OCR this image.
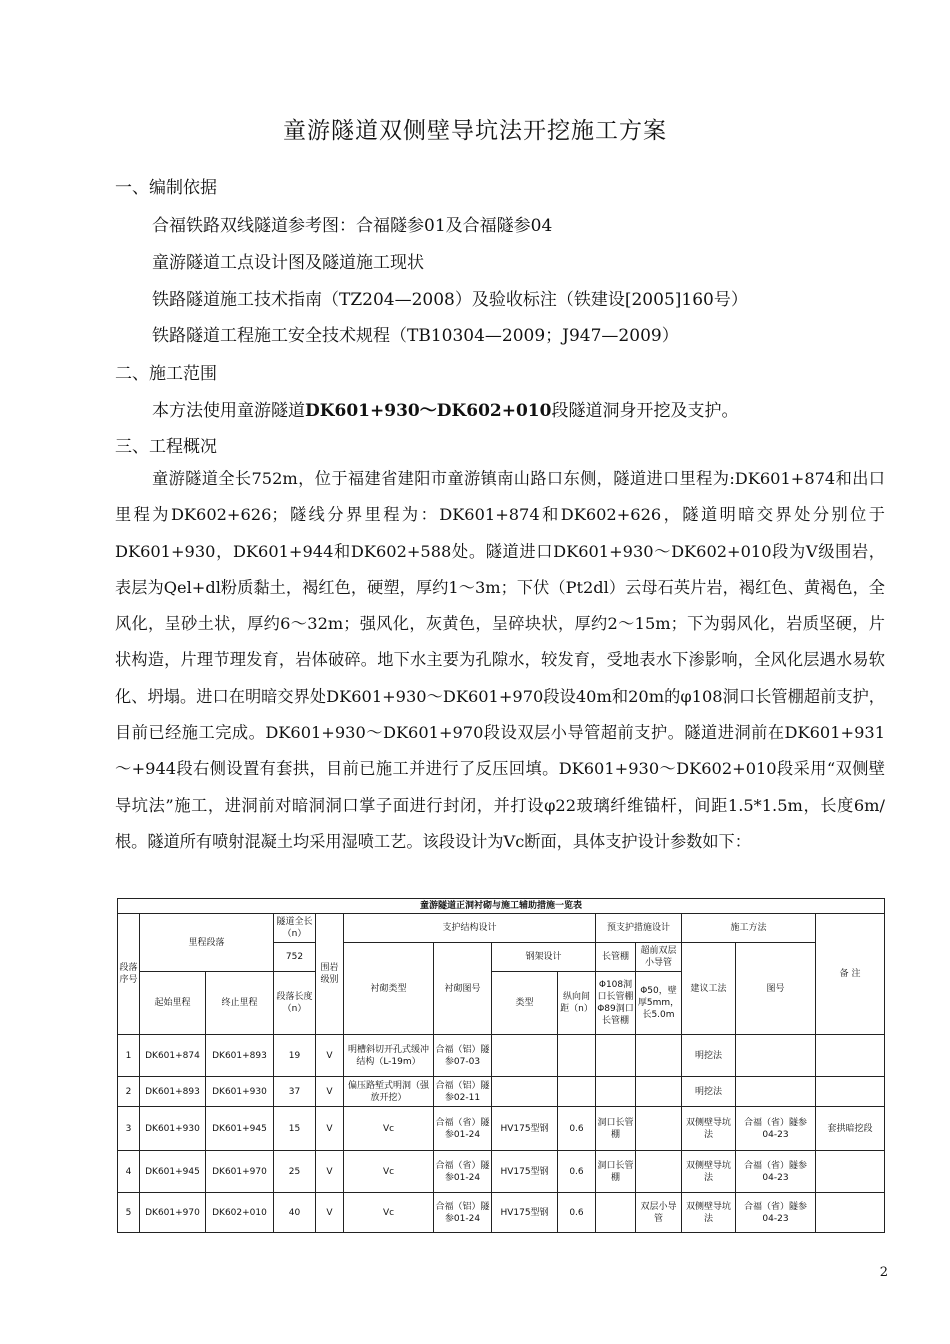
童游隧道双侧壁导坑法开挖施工方案
一、编制依据
合福铁路双线隧道参考图：合福隧参01及合福隧参04
童游隧道工点设计图及隧道施工现状
铁路隧道施工技术指南（TZ204—2008）及验收标注（铁建设[2005]160号）
铁路隧道工程施工安全技术规程（TB10304—2009；J947—2009）
二、施工范围
本方法使用童游隧道DK601+930～DK602+010段隧道洞身开挖及支护。
三、工程概况
童游隧道全长752m，位于福建省建阳市童游镇南山路口东侧，隧道进口里程为:DK601+874和出口里程为DK602+626；隧线分界里程为：DK601+874和DK602+626，隧道明暗交界处分别位于DK601+930，DK601+944和DK602+588处。隧道进口DK601+930～DK602+010段为V级围岩，表层为Qel+dl粉质黏土，褐红色，硬塑，厚约1～3m；下伏（Pt2dl）云母石英片岩，褐红色、黄褐色，全风化，呈砂土状，厚约6～32m；强风化，灰黄色，呈碎块状，厚约2～15m；下为弱风化，岩质坚硬，片状构造，片理节理发育，岩体破碎。地下水主要为孔隙水，较发育，受地表水下渗影响，全风化层遇水易软化、坍塌。进口在明暗交界处DK601+930～DK601+970段设40m和20m的φ108洞口长管棚超前支护，目前已经施工完成。DK601+930～DK601+970段设双层小导管超前支护。隧道进洞前在DK601+931～+944段右侧设置有套拱，目前已施工并进行了反压回填。DK601+930～DK602+010段采用“双侧壁导坑法”施工，进洞前对暗洞洞口掌子面进行封闭，并打设φ22玻璃纤维锚杆，间距1.5*1.5m，长度6m/根。隧道所有喷射混凝土均采用湿喷工艺。该段设计为Vc断面，具体支护设计参数如下：
童游隧道正洞衬砌与施工辅助措施一览表													
段落序号	里程段落		隧道全长（n）	围岩级别	支护结构设计				预支护措施设计		施工方法		备 注
			752		衬砌类型	衬砌图号	钢架设计		长管棚	超前双层小导管	建议工法	图号	
	起始里程	终止里程	段落长度（n）				类型	纵向间距（n）	Φ108洞口长管棚Φ89洞口长管棚	Φ50，壁厚5mm，长5.0m			

1	DK601+874	DK601+893	19	V	明槽斜切开孔式缓冲结构（L-19m）	合福（铝）隧参07-03					明挖法		
2	DK601+893	DK601+930	37	V	偏压路堑式明洞（强放开挖）	合福（铝）隧参02-11					明挖法		
3	DK601+930	DK601+945	15	V	Vc	合福（省）隧参01-24	HV175型钢	0.6	洞口长管棚		双侧壁导坑法	合福（省）隧参04-23	套拱暗挖段
4	DK601+945	DK601+970	25	V	Vc	合福（省）隧参01-24	HV175型钢	0.6	洞口长管棚		双侧壁导坑法	合福（省）隧参04-23	
5	DK601+970	DK602+010	40	V	Vc	合福（铝）隧参01-24	HV175型钢	0.6		双层小导管	双侧壁导坑法	合福（省）隧参04-23	
2
